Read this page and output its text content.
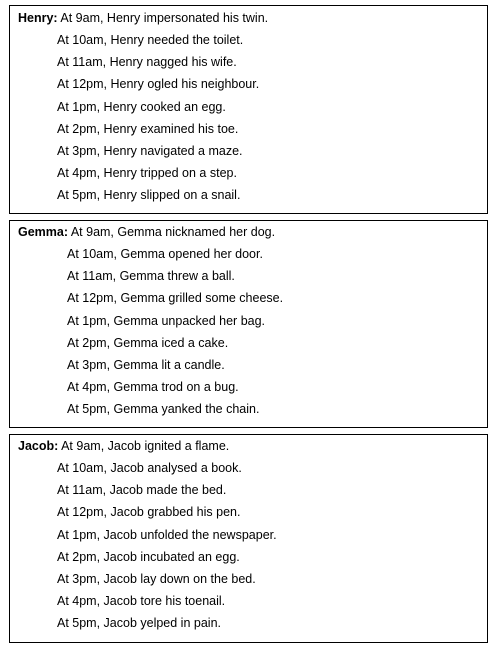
Henry: At 9am, Henry impersonated his twin.
At 10am, Henry needed the toilet.
At 11am, Henry nagged his wife.
At 12pm, Henry ogled his neighbour.
At 1pm, Henry cooked an egg.
At 2pm, Henry examined his toe.
At 3pm, Henry navigated a maze.
At 4pm, Henry tripped on a step.
At 5pm, Henry slipped on a snail.
Gemma: At 9am, Gemma nicknamed her dog.
At 10am, Gemma opened her door.
At 11am, Gemma threw a ball.
At 12pm, Gemma grilled some cheese.
At 1pm, Gemma unpacked her bag.
At 2pm, Gemma iced a cake.
At 3pm, Gemma lit a candle.
At 4pm, Gemma trod on a bug.
At 5pm, Gemma yanked the chain.
Jacob: At 9am, Jacob ignited a flame.
At 10am, Jacob analysed a book.
At 11am, Jacob made the bed.
At 12pm, Jacob grabbed his pen.
At 1pm, Jacob unfolded the newspaper.
At 2pm, Jacob incubated an egg.
At 3pm, Jacob lay down on the bed.
At 4pm, Jacob tore his toenail.
At 5pm, Jacob yelped in pain.
